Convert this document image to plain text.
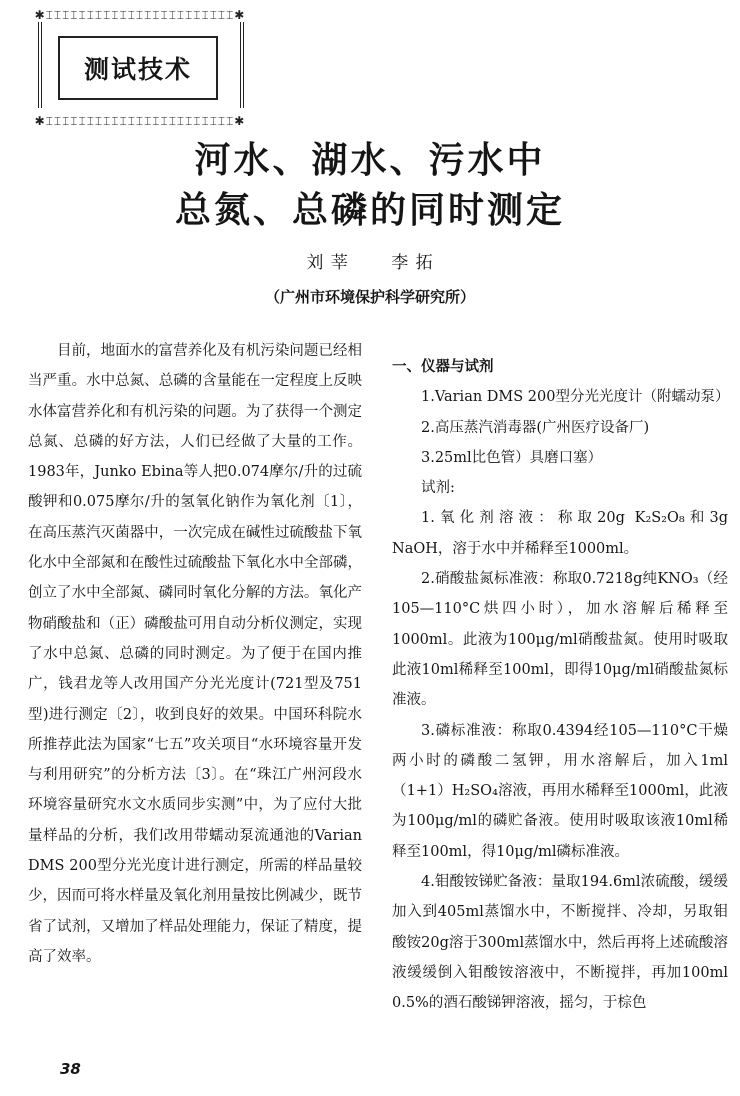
✱⌶⌶⌶⌶⌶⌶⌶⌶⌶⌶⌶⌶⌶⌶⌶⌶⌶⌶⌶⌶⌶⌶⌶✱
测试技术
✱⌶⌶⌶⌶⌶⌶⌶⌶⌶⌶⌶⌶⌶⌶⌶⌶⌶⌶⌶⌶⌶⌶⌶✱
河水、湖水、污水中
总氮、总磷的同时测定
刘 莘 李 拓
（广州市环境保护科学研究所）

目前，地面水的富营养化及有机污染问题已经相当严重。水中总氮、总磷的含量能在一定程度上反映水体富营养化和有机污染的问题。为了获得一个测定总氮、总磷的好方法，人们已经做了大量的工作。1983年，Junko Ebina等人把0.074摩尔/升的过硫酸钾和0.075摩尔/升的氢氧化钠作为氧化剂〔1〕，在高压蒸汽灭菌器中，一次完成在碱性过硫酸盐下氧化水中全部氮和在酸性过硫酸盐下氧化水中全部磷，创立了水中全部氮、磷同时氧化分解的方法。氧化产物硝酸盐和（正）磷酸盐可用自动分析仪测定，实现了水中总氮、总磷的同时测定。为了便于在国内推广，钱君龙等人改用国产分光光度计(721型及751型)进行测定〔2〕，收到良好的效果。中国环科院水所推荐此法为国家“七五”攻关项目“水环境容量开发与利用研究”的分析方法〔3〕。在“珠江广州河段水环境容量研究水文水质同步实测”中，为了应付大批量样品的分析，我们改用带蠕动泵流通池的Varian DMS 200型分光光度计进行测定，所需的样品量较少，因而可将水样量及氧化剂用量按比例减少，既节省了试剂，又增加了样品处理能力，保证了精度，提高了效率。

一、仪器与试剂

1.Varian DMS 200型分光光度计（附蠕动泵）

2.高压蒸汽消毒器(广州医疗设备厂)

3.25ml比色管）具磨口塞）

试剂:

1.氧化剂溶液：称取20g K₂S₂O₈和3g NaOH，溶于水中并稀释至1000ml。

2.硝酸盐氮标准液：称取0.7218g纯KNO₃（经105—110°C烘四小时），加水溶解后稀释至1000ml。此液为100μg/ml硝酸盐氮。使用时吸取此液10ml稀释至100ml，即得10μg/ml硝酸盐氮标准液。

3.磷标准液：称取0.4394经105—110°C干燥两小时的磷酸二氢钾，用水溶解后，加入1ml（1+1）H₂SO₄溶液，再用水稀释至1000ml，此液为100μg/ml的磷贮备液。使用时吸取该液10ml稀释至100ml，得10μg/ml磷标准液。

4.钼酸铵锑贮备液：量取194.6ml浓硫酸，缓缓加入到405ml蒸馏水中，不断搅拌、冷却，另取钼酸铵20g溶于300ml蒸馏水中，然后再将上述硫酸溶液缓缓倒入钼酸铵溶液中，不断搅拌，再加100ml 0.5%的酒石酸锑钾溶液，摇匀，于棕色

38
